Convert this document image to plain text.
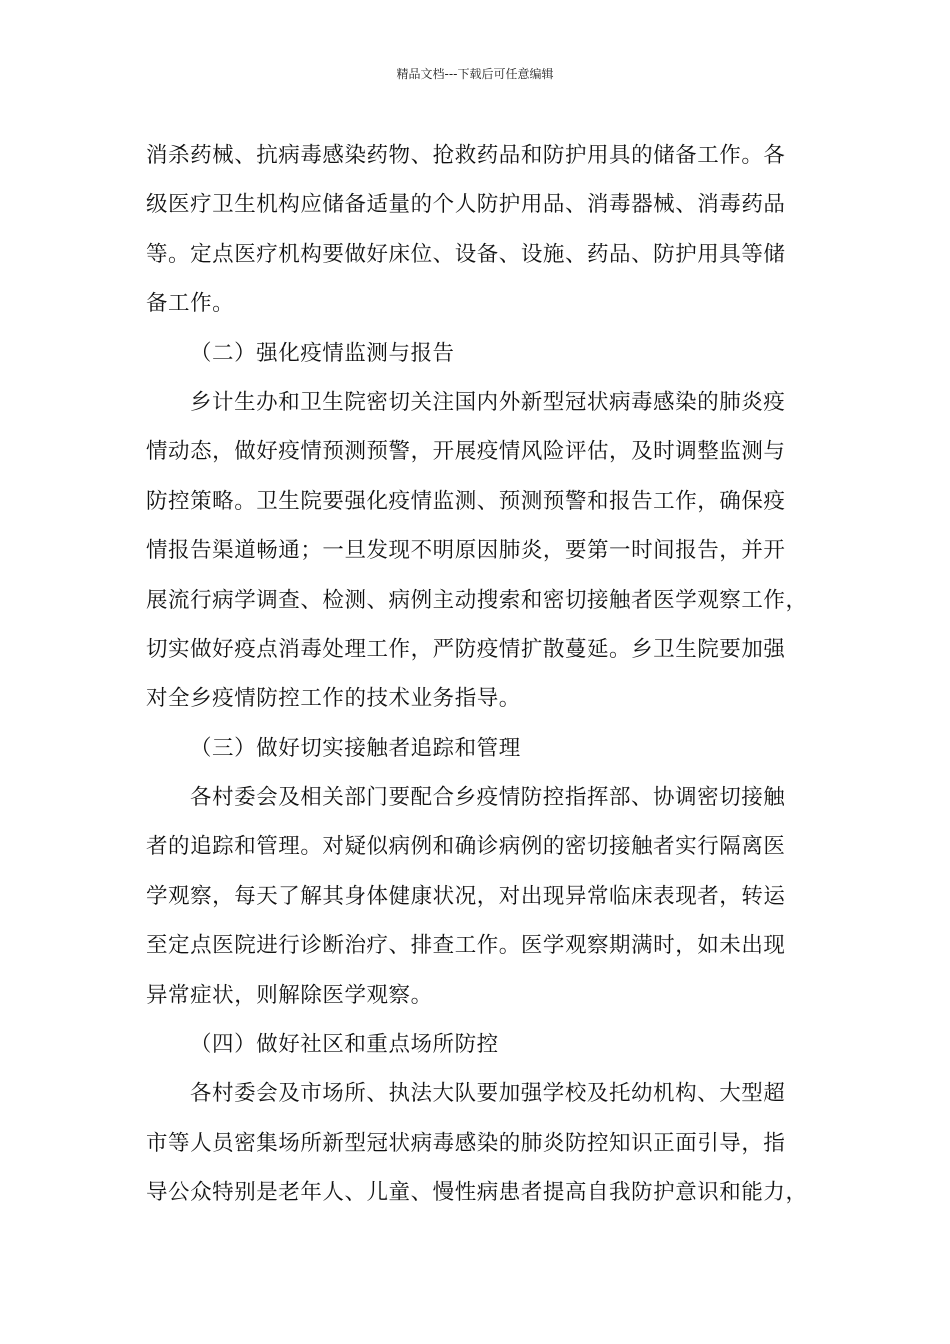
精品文档---下载后可任意编辑
消杀药械、抗病毒感染药物、抢救药品和防护用具的储备工作。各
级医疗卫生机构应储备适量的个人防护用品、消毒器械、消毒药品
等。定点医疗机构要做好床位、设备、设施、药品、防护用具等储
备工作。
（二）强化疫情监测与报告
乡计生办和卫生院密切关注国内外新型冠状病毒感染的肺炎疫
情动态，做好疫情预测预警，开展疫情风险评估，及时调整监测与
防控策略。卫生院要强化疫情监测、预测预警和报告工作，确保疫
情报告渠道畅通；一旦发现不明原因肺炎，要第一时间报告，并开
展流行病学调查、检测、病例主动搜索和密切接触者医学观察工作，
切实做好疫点消毒处理工作，严防疫情扩散蔓延。乡卫生院要加强
对全乡疫情防控工作的技术业务指导。
（三）做好切实接触者追踪和管理
各村委会及相关部门要配合乡疫情防控指挥部、协调密切接触
者的追踪和管理。对疑似病例和确诊病例的密切接触者实行隔离医
学观察，每天了解其身体健康状况，对出现异常临床表现者，转运
至定点医院进行诊断治疗、排查工作。医学观察期满时，如未出现
异常症状，则解除医学观察。
（四）做好社区和重点场所防控
各村委会及市场所、执法大队要加强学校及托幼机构、大型超
市等人员密集场所新型冠状病毒感染的肺炎防控知识正面引导，指
导公众特别是老年人、儿童、慢性病患者提高自我防护意识和能力，
